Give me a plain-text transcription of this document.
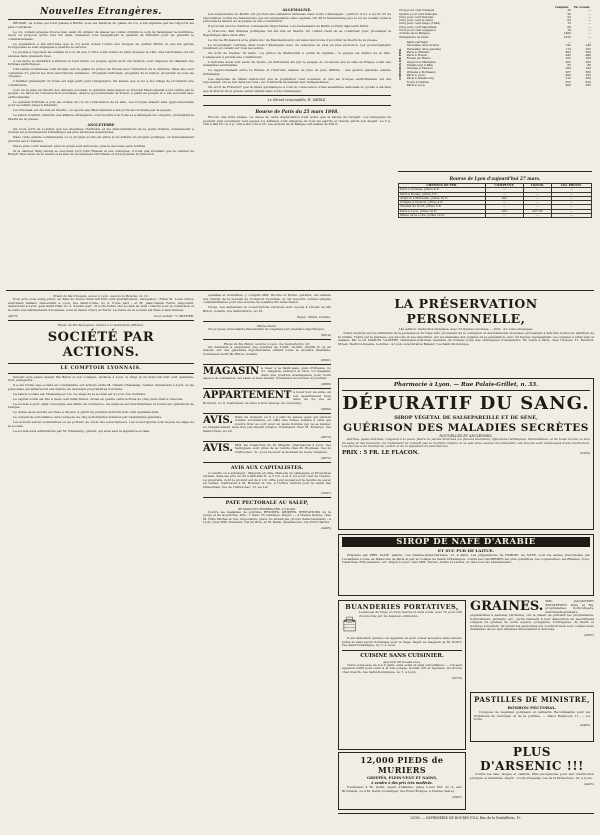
Nouvelles Étrangères.

PRUSSE. La scène qui s'est passée à Berlin, sous les fenêtres du palais du roi, a été signalée par les rapports les plus contraires.

Le roi, s'étant presque trouvé mal, avait dû obliger de laisser au comte d'Arnim le soin de haranguer la multitude. Alors on proposa qu'un vote fut émis. Quelques voix désignèrent le général de Prittwitz pour en prendre le commandement.

La population a été informée que le roi avait donné l'ordre aux troupes de quitter Berlin et que les gardes bourgeoises se sont engagées à prendre le service.

Le peuple a repoussé les soldats et l'on dit que l'ordre a été donné de faire évacuer la ville. Des barricades ont été élevées dans plusieurs rues.

A ces mots, le ministère a attendu et s'est retiré. Le peuple, après avoir été rassuré, s'est dispersé en chantant des hymnes patriotiques.

Une bande nombreuse s'est dirigée vers le palais du prince de Prusse avec l'intention de le détruire. Mais elle s'est contentée d'y placer les trois inscriptions suivantes : Propriété nationale, propriété de la nation, propriété de tous les citoyens.

L'héritier présomptif du trône est déjà parti pour l'Angleterre. On assure que le roi a été obligé de promettre une constitution.

Lors de la mise en liberté des détenus polonais, le ministre dans lequel se trouvait Mieroslawski a été traîné par le peuple. Le héros de l'insurrection polonaise, dans le gouvernement de Posen, a parlé au peuple et a été accueilli avec enthousiasme.

Le général Prittwitz a pris les ordres du roi de l'évacuation de la ville. Les troupes étaient bien approvisionnées pour se retirer jusqu'à Potsdam.

Les Polonais ont été mis en liberté ; on ajoute que Mieroslawski a été porté en triomphe par le peuple.

Le baron d'Arnim, ministre des affaires étrangères, s'est montré à la foule et a harangué les citoyens, promettant la liberté de la presse.

ANGLETERRE

On nous écrit de Londres que les meetings chartistes et les démonstrations de la Jeune Irlande commencent à donner au gouvernement britannique les plus sérieuses inquiétudes.

Dans cette grande communauté où le progrès social est entré si en arrière du progrès politique, on heureusement profond est à craindre.

Pas le plus court moment, plus de gréés sont annoncés, plus le secousse sera terrible.

Si le cabinet whig devait se succéder, lord John Russell et ses collègues, il n'est pas étonnant que le cabinet de Robert Peel tente de se mettre à la tête du mouvement réformiste et d'en prendre la direction.

ALLEMAGNE.

Les événements de Berlin ont produit une sensation immense dans toute l'Allemagne ; partout il n'y a qu'un cri de réprobation contre les manœuvres qui ont ensanglanté cette capitale. On dit le Steinzeitung que le roi ne voulait céder à personne la liberté de la presse et une constitution.

Il prouvait encore d'autres concessions importantes. Les événements de Berlin portent déjà leurs fruits.

A Cracovie, 400 détenus politiques ont été mis en liberté. Un comité vient de se constituer pour proclamer la République dans cette ville.

Le duc de Brunswick et le grand-duc de Mecklembourg ont aussi été forcés d'accorder la liberté de la presse.

Le mouvement continue dans toute l'Allemagne avec un caractère de plus en plus prononcé. Les gouvernements tremblent et cèdent sur tous les points.

On écrit de Vienne, 16 mars : Le prince de Metternich a quitté la capitale ; le peuple est maître de la ville. L'empereur a promis une constitution.

L'Autriche aussi doit avoir, du moins, un Parlement élu par le peuple, et on assure que la ville de Prague a fait des demandes semblables.

Le rapprochement entre la Prusse et l'Autriche semble de plus en plus difficile ; une guerre générale semble imminente.

Les dépêches de Milan annoncent que la population s'est soulevée et que les troupes autrichiennes ont été repoussées. On se bat dans les rues ; les Lombards réclament leur indépendance.

On écrit de Francfort que la Diète germanique a voté la convocation d'une assemblée nationale et qu'elle a déclaré que la liberté de la presse serait établie dans toute l'Allemagne.

Le Gérant responsable, H. MERLE.
Bourse de Paris du 25 mars 1848.

Encore une forte baisse. La cause de cette dépréciation n'est autre que la rareté de l'argent. Les banquiers ne peuvent plus escompter leur papier. La défiance s'est emparée de tous les esprits et chacun garde son argent. Le 5 p. 100 a fait 55 ; le 3 p. 100 a été coté à 35. Les actions de la Banque ont baissé de 500 fr.

	Comptant.	Fin courant.
Trois pour cent français	45	—
Quatre pour cent français	50	—
Cinq pour cent français	55	—
Cinq pour cent et demi	65	—
Cinq pour cent belge (1842)	70	—
Cinq pour cent napolitain	66	—
Trois pour cent espagnol	18	—
Actions de la Banque	1400	—
Obligations de Paris	1025	—
CHEMINS DE FER.
Saint-Germain	—	—
Versailles (rive droite)	145	140
Versailles (rive gauche)	110	105
Paris à Orléans	600	590
Paris à Rouen	445	440
Rouen au Havre	185	180
Avignon à Marseille	205	200
Strasbourg à Bâle	85	80
Orléans à Vierzon	200	190
Orléans à Bordeaux	387	380
Paris à Lyon	300	295
Paris à Strasbourg	310	300
Tours à Nantes	255	250
Paris à Lyon	300	295
Bourse de Lyon d'aujourd'hui 27 mars.
CHEMINS DE FER.	COMPTANT.	LIQUID.	LIQ. PROCH.
Paris à Orléans, prime 4 fr.	—	—	—
Paris à Rouen, prime 5 fr.	—	—	—
Avignon à Marseille, prime 10 fr.	205	—	—
Orléans à Vierzon, prime 4 fr.	—	—	—
Chemin du Nord, prime 5 fr.	—	—	—
Paris à Lyon, prime 10 fr.	255	257.50	—
Mines de la Loire, prime 10 fr.	—	—	—
Étude de Me Chapuis, avoué à Lyon, quai de la Baleine, no 10.

D'un acte sous seing privé, en date du douze mars mil huit cent quarante-huit, enregistré : Entre M. Louis Grevy, marchand tailleur, demeurant à Lyon, rue Saint-Côme, no 4, d'une part ; et M. Jean-Claude Ferra, négociant, demeurant à Lyon, quai Saint-Clair, no 2, d'autre part ; Il a été formé une société en nom collectif pour la confection et la vente des habillements d'hommes, sous la raison Grevy et Ferra. La durée de la société est fixée à neuf années.

(4673)	Pour extrait : V. GRATIER.
Étude de Me Bourgeois, notaire à la Guillotière (Rhône).
SOCIÉTÉ PAR ACTIONS.
LE COMPTOIR LYONNAIS.

Suivant acte passé devant Me Bidon et son collègue, notaires à Lyon, le vingt et un mars mil huit cent quarante-huit, enregistré ;

Il a été formé une société en commandite sur actions entre M. Claude Chassaing, rentier, demeurant à Lyon, et les personnes qui adhéreront aux statuts en devenant propriétaires d'actions.

La raison sociale est Chassaing et Cie. Le siège de la société est à Lyon, rue Centrale.

Le capital social est fixé à deux cent mille francs, divisé en quatre cents actions de cinq cents francs chacune.

La société a pour objet l'escompte des effets de commerce, les avances sur marchandises et toutes les opérations de banque.

La durée de la société est fixée à dix ans, à partir du premier avril mil huit cent quarante-huit.

Le conseil de surveillance sera composé de cinq actionnaires nommés par l'assemblée générale.

Les actions seront nominatives ou au porteur, au choix des souscripteurs. Les souscriptions sont reçues au siège de la société.

La société sera administrée par M. Chassaing, gérant, qui aura seul la signature sociale.

qualifiés et domiciliés, y compris MM. Droche et Robin, gérants, ont adhéré aux statuts de la Société du Comptoir Lyonnais, et ont souscrit comme simples commanditaires pour une somme de soixante-dix mille francs.

Notes. Les demandes de souscriptions d'actions sont reçues à l'étude de Me Bidon, notaire, rue Saint-Pierre, no 23.

Signé : Bidon, notaire.
Même étude.

On propose d'excellents Placements de Capitaux par première hypothèque.

(6614)
Étude de Me Bidon, notaire à Lyon, rue Saint-Pierre, 23.

On demande à emprunter des sommes de 5,000, 10,000, 20,000 fr. et au dessus, sur des garanties hypothécaires offrant toute la sécurité désirable. S'adresser audit Me Bidon, notaire.

(6601)
MAGASIN à louer à la Saint-Jean, quai d'Orléans, no 31, magasin, entresol et cave. Ce magasin, dans une position avantageuse pour toute espèce de commerce, est vaste et bien éclairé. S'adresser au bureau du journal.

(4686)
APPARTEMENT à louer tout de suite, un bel appartement bien aéré, au 2e, rue de Bourbon, no 6. S'adresser, de deux à trois heures, au concierge.

(4684)
AVIS. Dans un moment où il y a tant de jeunes gens qui partent comme volontaires, on offre une bonne somme à celui qui voudra tirer au sort pour un jeune homme qui va se marier. Le remplacement aura lieu par-devant notaire. S'adresser chez M. Roberye, rue Saint-Côme, no 20.

(4673)
AVIS. MM. les créanciers de M. Magnin, pharmacien à Lyon, rue Saint-Jean, sont priés de se rendre chez M. Roulleau, rue de l'Arbre-Sec, 31, pour recevoir le montant de leurs créances.

(4672)
AVIS AUX CAPITALISTES.

A vendre ou à échanger : Maisons en ville, Maisons de campagne et Propriétés rurales, dans les prix de 30 à 900,000 fr., à 3 1/2, 4 et 4 1/2 pour cent de revenu. La propriété, dont le produit est de 4 1/2, offre pour acquéreur la faculté de payer en rentes. S'adresser à M. Bonnier et Cie, à l'Office central pour la vente des Immeubles, rue de l'Arbre-Sec, 15, au 1er.

(2097)
PATE PECTORALE AU SALEP,
DE MAUDUIT, PHARMACIEN A CALAIS.

Contre les maladies de poitrine, RHUMES, GRIPPES, IRRITATIONS de la gorge et de la poitrine. Prix : 1 franc 25 centimes. Dépôt. — A Vienne (Isère), chez M. Félix Michel et Cie, négociants, place du Grand-Jeu (Cours Saint-Germain) ; à Lyon, chez MM. Dubreuil, rue du Bois, et M. Bazin, pharmacien, rue Port-Charlet.

(4405)
LA PRÉSERVATION PERSONNELLE,
14e édition, traduction française, avec 23 figures coloriées. — Prix : 3 f. sous enveloppe.

Traité médical sur les infirmités de la jeunesse et de l'âge mûr, provenant de la contagion et des habitudes vicieuses qui tendent à détruire toutes les attributs de la virilité. Traité sur le mariage, ses devoirs et ses désordres, sur les maladies des organes de la génération, avec 23 figures représentant ces organes à l'état sain et malade. Par le Dr SAMUEL LA'MERT, chirurgien-praticien, membre du Collège royal des chirurgiens d'Angleterre. En vente à Paris, chez l'auteur, 37, Bedford-Street, Bedford-Square, Londres ; à Lyon, à la librairie Babeuf, rue Saint-Dominique.

Pharmacie à Lyon. — Rue Palais-Grillet, n. 33.
DÉPURATIF DU SANG.
SIROP VÉGÉTAL DE SALSEPAREILLE ET DE SÉNÉ,
GUÉRISON DES MALADIES SECRÈTES
NOUVELLES ET ANCIENNES,

Dartres, gales rentrées, rougeurs à la peau, fleurs ou pertes blanches (ou flueurs blanches), affections rachitiques, rhumatismes, et de toute âcreté ou vice du sang et des humeurs. Ce traitement ne connaît pas le moindre régime et se suit sans aucune incommodité. Les flacons sont enveloppés d'une instruction. Les flacons sont revêtus du cachet et de la signature du pharmacien.

PRIX : 5 FR. LE FLACON.	(2320)
SIROP DE NAFÉ D'ARABIE
ET SUC PUR DE LAITUE.

Préparés par PREL ISAIE, pharm., rue Grande-Saint-Germain, 12, à Paris. Les préparations de FAMINE, de NAFÉ, sont les seules préconisées par l'Académie royale de Médecine de Paris et par le Collège de Santé britannique, contre les CATARRHES les plus opiniâtres, les coqueluches, les Rhumes, Toux, Catarrhes, Enrouements, etc. Dépôt à Lyon, chez MM. Vernet, André et Lardet, et chez tous les pharmaciens.

BUANDERIES PORTATIVES,

Lessivage du linge en trois heures et sans soins, avec 75 pour 100 d'économie sur les lessives ordinaires.

Il est démontré qu'avec cet appareil on peut couler la lessive sans aucune peine et sans aucun dommage pour le linge. Dépôt au magasin de M. GOUY, rue Saint-Dominique, no 7, à Lyon.

CUISINE SANS CUISINIER.
Appareil dit Cousin-Lieu.

Cuire composée de 4 à 5 plats, sans soins et sans surveillance. — Un seul appareil suffit pour cuire à la fois potage, bouilli, rôti et légumes. Se trouve chez Guerin, rue Saint-Dominique, no 7, à Lyon.

(4579)
GRAINES. MM. JACQUEMET BONNEFONT frère et fils, propriétaires, horticulteurs, marchands-grainiers, pépiniéristes à Annonay (Ardèche), ont le plaisir de prévenir les propriétaires, horticulteurs, fermiers, etc., qu'ils tiennent à leur disposition un assortiment complet de graines de toute espèce, potagères, fourragères, de fleurs et d'arbres forestiers. Ils prient les personnes qui voudront bien leur confier leurs demandes de les leur adresser directement à Annonay.

(4387)
12,000 PIEDS de MURIERS
GREFFÉS, PLEIN-VENT ET NAINS,
à vendre à des prix très modérés.

S'adresser à M. Gerin, agent d'affaires, place Louis XVI, no 9, aux Brotteaux, ou à M. Gerin, boulanger, rue Pont-l'Évêque, à Vienne (Isère).

(4597)
PASTILLES DE MINISTRE,
BONBON PECTORAL.

Composé de végétaux gommeux et calmants. Recommandé pour les irritations de l'estomac et de la poitrine. — Place Bellecour, 11. — La boîte.

(4483)
PLUS D'ARSENIC !!!

Contre les rats, taupes et cafards, Pâte phosphorée pour leur destruction prompte et infaillible. Dépôt : Cours Chapelle, rue de la Préfecture, 16, à Lyon.

(4425)
LYON. — IMPRIMERIE DE BOURSY FILS, Rue de la Poulaillerie, 19.
